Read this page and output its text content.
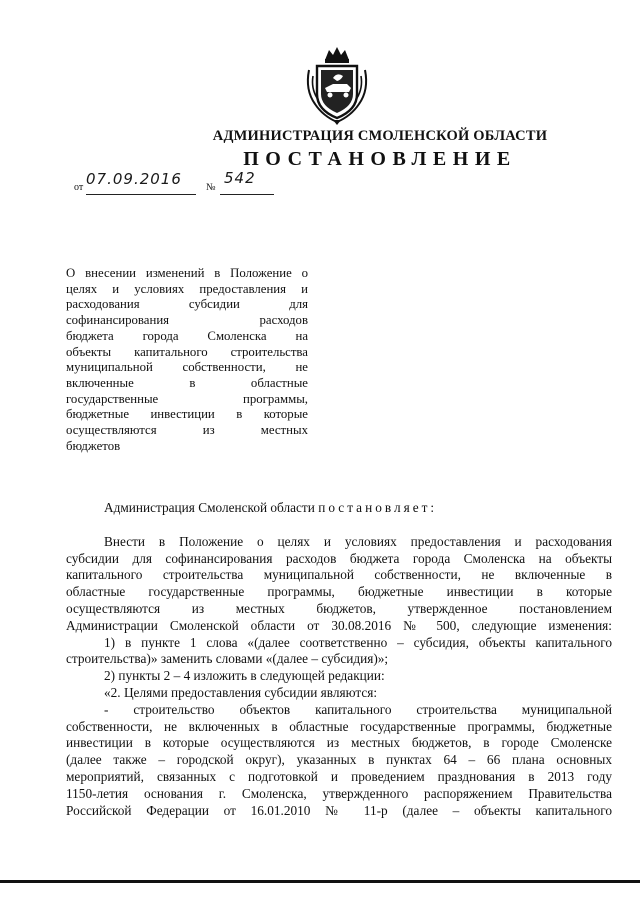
АДМИНИСТРАЦИЯ СМОЛЕНСКОЙ ОБЛАСТИ
ПОСТАНОВЛЕНИЕ
от 07.09.2016 №
542
О внесении изменений в Положение о
целях и условиях предоставления и
расходования субсидии для
софинансирования расходов
бюджета города Смоленска на
объекты капитального строительства
муниципальной собственности, не
включенные в областные
государственные программы,
бюджетные инвестиции в которые
осуществляются из местных
бюджетов
Администрация Смоленской области постановляет:
Внести в Положение о целях и условиях предоставления и расходования
субсидии для софинансирования расходов бюджета города Смоленска на объекты
капитального строительства муниципальной собственности, не включенные в
областные государственные программы, бюджетные инвестиции в которые
осуществляются из местных бюджетов, утвержденное постановлением
Администрации Смоленской области от 30.08.2016 № 500, следующие изменения:
1) в пункте 1 слова «(далее соответственно – субсидия, объекты капитального
строительства)» заменить словами «(далее – субсидия)»;
2) пункты 2 – 4 изложить в следующей редакции:
«2. Целями предоставления субсидии являются:
- строительство объектов капитального строительства муниципальной
собственности, не включенных в областные государственные программы, бюджетные
инвестиции в которые осуществляются из местных бюджетов, в городе Смоленске
(далее также – городской округ), указанных в пунктах 64 – 66 плана основных
мероприятий, связанных с подготовкой и проведением празднования в 2013 году
1150-летия основания г. Смоленска, утвержденного распоряжением Правительства
Российской Федерации от 16.01.2010 № 11-р (далее – объекты капитального
